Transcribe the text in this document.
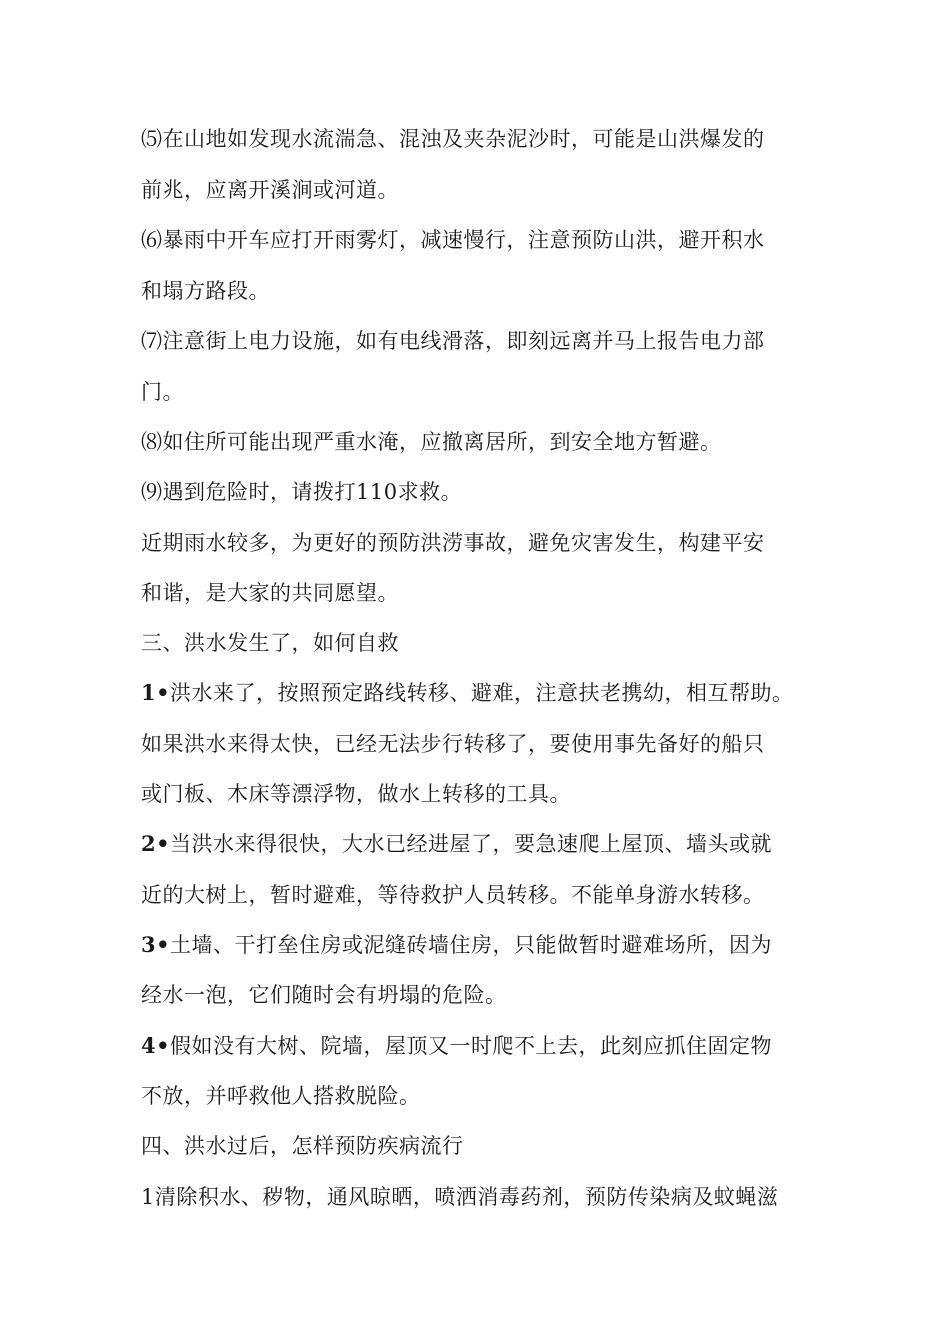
⑸在山地如发现水流湍急、混浊及夹杂泥沙时，可能是山洪爆发的
前兆，应离开溪涧或河道。
⑹暴雨中开车应打开雨雾灯，减速慢行，注意预防山洪，避开积水
和塌方路段。
⑺注意街上电力设施，如有电线滑落，即刻远离并马上报告电力部
门。
⑻如住所可能出现严重水淹，应撤离居所，到安全地方暂避。
⑼遇到危险时，请拨打110求救。
近期雨水较多，为更好的预防洪涝事故，避免灾害发生，构建平安
和谐，是大家的共同愿望。
三、洪水发生了，如何自救
1•洪水来了，按照预定路线转移、避难，注意扶老携幼，相互帮助。
如果洪水来得太快，已经无法步行转移了，要使用事先备好的船只
或门板、木床等漂浮物，做水上转移的工具。
2•当洪水来得很快，大水已经进屋了，要急速爬上屋顶、墙头或就
近的大树上，暂时避难，等待救护人员转移。不能单身游水转移。
3•土墙、干打垒住房或泥缝砖墙住房，只能做暂时避难场所，因为
经水一泡，它们随时会有坍塌的危险。
4•假如没有大树、院墙，屋顶又一时爬不上去，此刻应抓住固定物
不放，并呼救他人搭救脱险。
四、洪水过后，怎样预防疾病流行
1清除积水、秽物，通风晾晒，喷洒消毒药剂，预防传染病及蚊蝇滋
